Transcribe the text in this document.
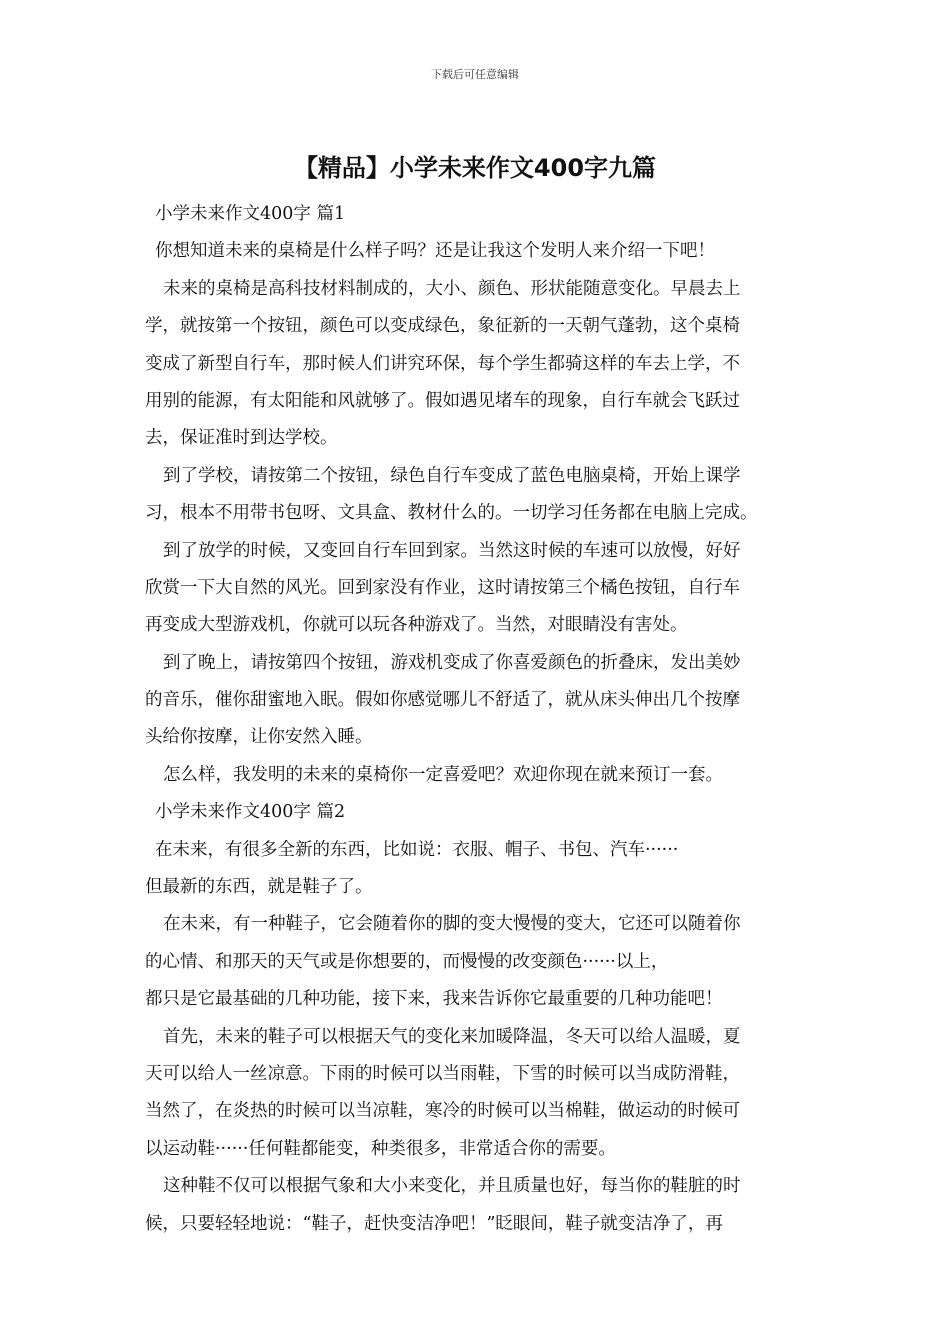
下载后可任意编辑
【精品】小学未来作文400字九篇
小学未来作文400字 篇1
你想知道未来的桌椅是什么样子吗？还是让我这个发明人来介绍一下吧！
未来的桌椅是高科技材料制成的，大小、颜色、形状能随意变化。早晨去上
学，就按第一个按钮，颜色可以变成绿色，象征新的一天朝气蓬勃，这个桌椅
变成了新型自行车，那时候人们讲究环保，每个学生都骑这样的车去上学，不
用别的能源，有太阳能和风就够了。假如遇见堵车的现象，自行车就会飞跃过
去，保证准时到达学校。
到了学校，请按第二个按钮，绿色自行车变成了蓝色电脑桌椅，开始上课学
习，根本不用带书包呀、文具盒、教材什么的。一切学习任务都在电脑上完成。
到了放学的时候，又变回自行车回到家。当然这时候的车速可以放慢，好好
欣赏一下大自然的风光。回到家没有作业，这时请按第三个橘色按钮，自行车
再变成大型游戏机，你就可以玩各种游戏了。当然，对眼睛没有害处。
到了晚上，请按第四个按钮，游戏机变成了你喜爱颜色的折叠床，发出美妙
的音乐，催你甜蜜地入眠。假如你感觉哪儿不舒适了，就从床头伸出几个按摩
头给你按摩，让你安然入睡。
怎么样，我发明的未来的桌椅你一定喜爱吧？欢迎你现在就来预订一套。
小学未来作文400字 篇2
在未来，有很多全新的东西，比如说：衣服、帽子、书包、汽车······
但最新的东西，就是鞋子了。
在未来，有一种鞋子，它会随着你的脚的变大慢慢的变大，它还可以随着你
的心情、和那天的天气或是你想要的，而慢慢的改变颜色······以上，
都只是它最基础的几种功能，接下来，我来告诉你它最重要的几种功能吧！
首先，未来的鞋子可以根据天气的变化来加暖降温，冬天可以给人温暖，夏
天可以给人一丝凉意。下雨的时候可以当雨鞋，下雪的时候可以当成防滑鞋，
当然了，在炎热的时候可以当凉鞋，寒冷的时候可以当棉鞋，做运动的时候可
以运动鞋······任何鞋都能变，种类很多，非常适合你的需要。
这种鞋不仅可以根据气象和大小来变化，并且质量也好，每当你的鞋脏的时
候，只要轻轻地说：“鞋子，赶快变洁净吧！”眨眼间，鞋子就变洁净了，再
